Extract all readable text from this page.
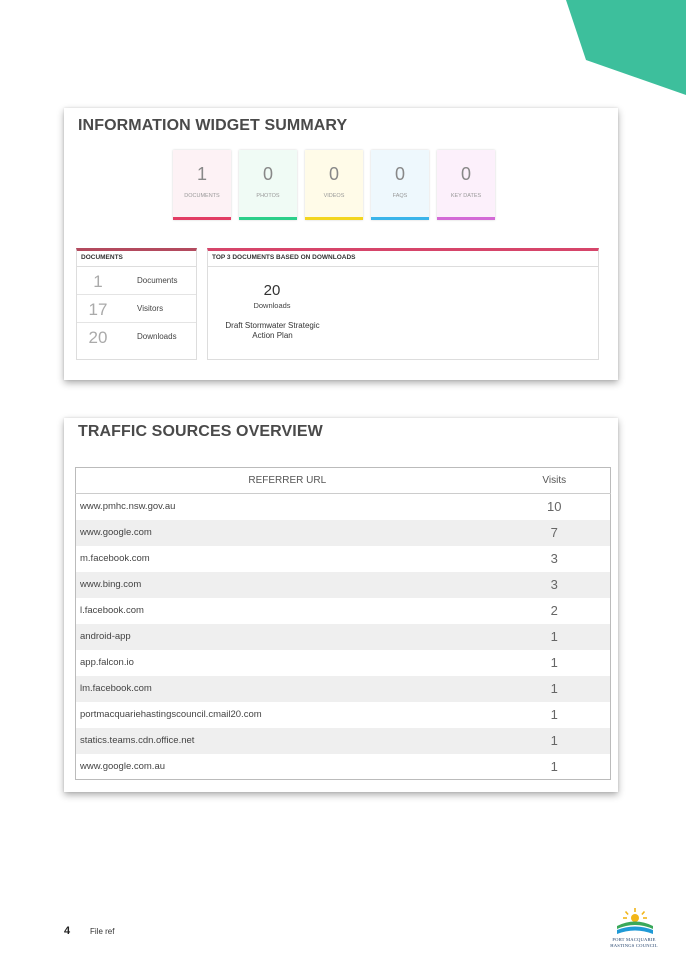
INFORMATION WIDGET SUMMARY
1
DOCUMENTS
0
PHOTOS
0
VIDEOS
0
FAQS
0
KEY DATES
DOCUMENTS
1	Documents
17	Visitors
20	Downloads
TOP 3 DOCUMENTS BASED ON DOWNLOADS
20
Downloads
Draft Stormwater Strategic Action Plan
TRAFFIC SOURCES OVERVIEW
REFERRER URL	Visits
www.pmhc.nsw.gov.au	10
www.google.com	7
m.facebook.com	3
www.bing.com	3
l.facebook.com	2
android-app	1
app.falcon.io	1
lm.facebook.com	1
portmacquariehastingscouncil.cmail20.com	1
statics.teams.cdn.office.net	1
www.google.com.au	1
4 File ref
PORT MACQUARIE
HASTINGS COUNCIL
